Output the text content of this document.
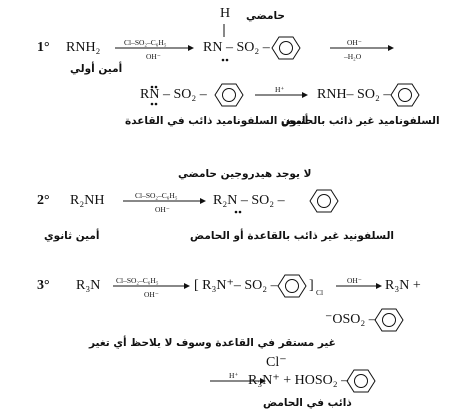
1° RNH₂
أمين أولي
Cl–SO₂–C₆H₅
OH⁻
H حامضي
RN – SO₂ –	OH⁻
–H₂O
RN – SO₂ –
أنيون السلفوناميد ذائب في القاعدة
H⁺ RNH– SO₂ –
السلفوناميد غير ذائب بالحامض
لا يوجد هيدروجين حامضي
2° R₂NH
أمين ثانوي
Cl–SO₂–C₆H₅
OH⁻
R₂N – SO₂ –
السلفونيد غير ذائب بالقاعدة أو الحامض
3° R₃N Cl–SO₂–C₆H₅
OH⁻
[ R₃N⁺– SO₂ – ] Cl
OH⁻ R₃N +
⁻OSO₂ –
غير مستقر في القاعدة وسوف لا يلاحظ أي تغير
Cl⁻
H⁺ R₃N⁺ + HOSO₂ –
ذائب في الحامض
